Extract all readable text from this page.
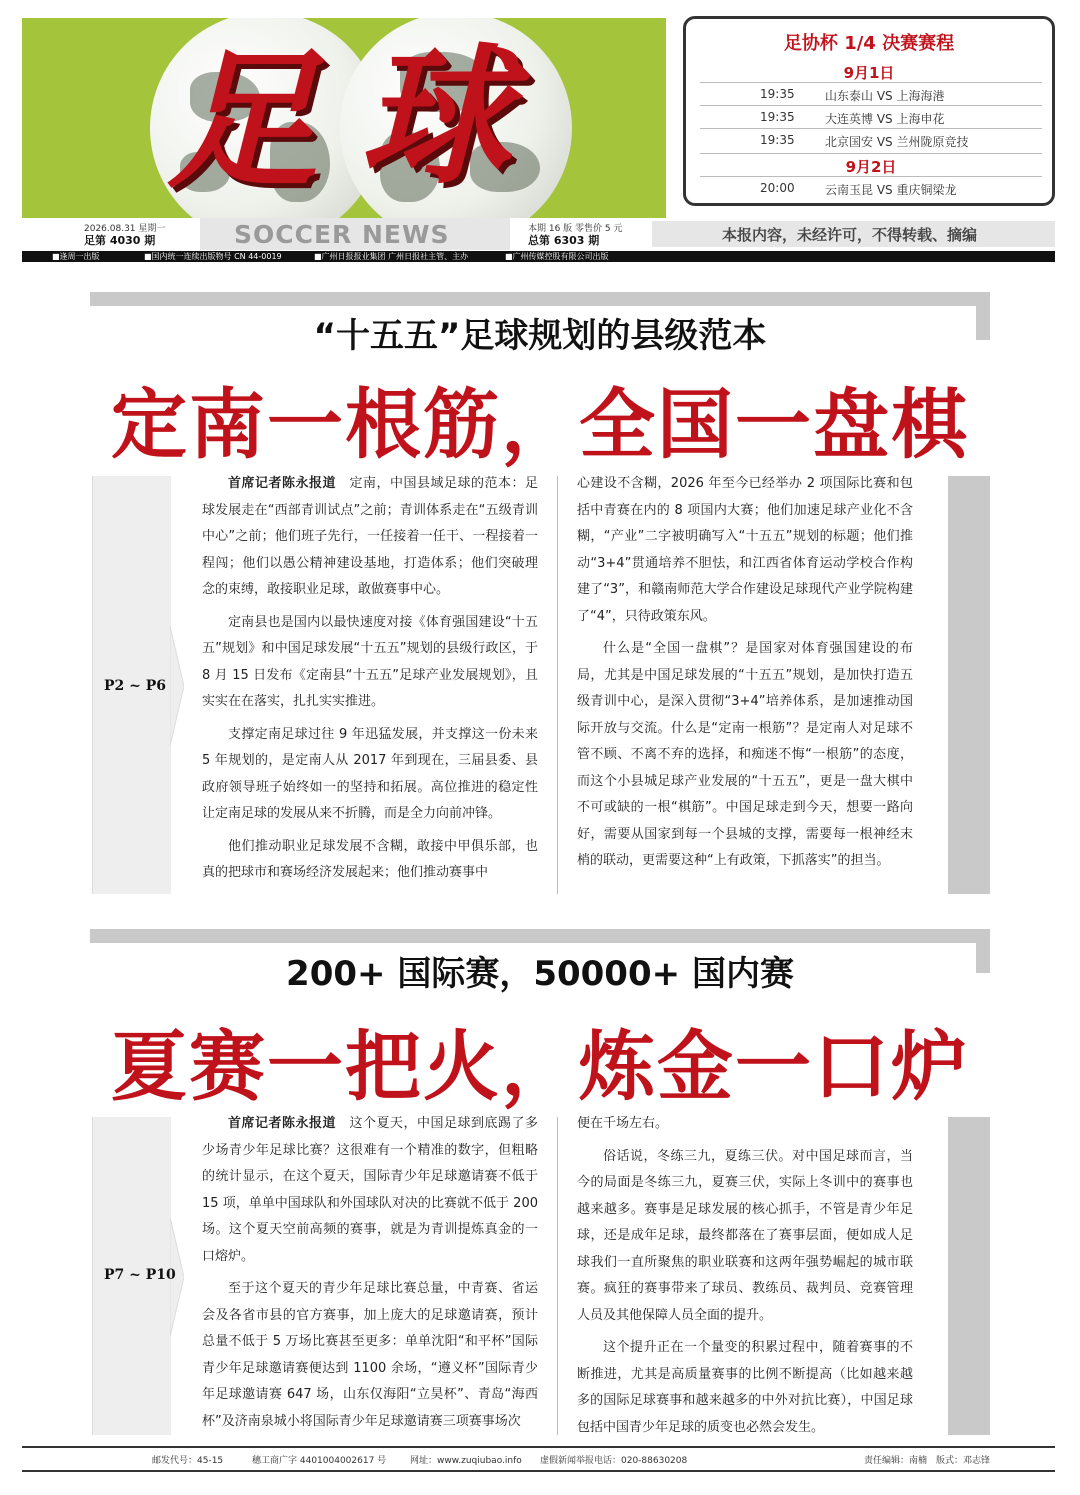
足 球	足协杯 1/4 决赛赛程
9月1日
19:35	山东泰山 VS 上海海港
19:35	大连英博 VS 上海申花
19:35	北京国安 VS 兰州陇原竞技
9月2日
20:00	云南玉昆 VS 重庆铜梁龙
2026.08.31 星期一
足第 4030 期	SOCCER NEWS	本期 16 版 零售价 5 元
总第 6303 期	本报内容，未经许可，不得转载、摘编
■逢周一出版	■国内统一连续出版物号 CN 44-0019	■广州日报报业集团 广州日报社主管、主办	■广州传媒控股有限公司出版
“十五五”足球规划的县级范本
定南一根筋，全国一盘棋
P2 ~ P6

首席记者陈永报道　 定南，中国县域足球的范本：足球发展走在“西部青训试点”之前；青训体系走在“五级青训中心”之前；他们班子先行，一任接着一任干、一程接着一程闯；他们以愚公精神建设基地，打造体系；他们突破理念的束缚，敢接职业足球，敢做赛事中心。

定南县也是国内以最快速度对接《体育强国建设“十五五”规划》和中国足球发展“十五五”规划的县级行政区，于 8 月 15 日发布《定南县“十五五”足球产业发展规划》，且实实在在落实，扎扎实实推进。

支撑定南足球过往 9 年迅猛发展，并支撑这一份未来 5 年规划的，是定南人从 2017 年到现在，三届县委、县政府领导班子始终如一的坚持和拓展。高位推进的稳定性让定南足球的发展从来不折腾，而是全力向前冲锋。

他们推动职业足球发展不含糊，敢接中甲俱乐部，也真的把球市和赛场经济发展起来；他们推动赛事中

心建设不含糊，2026 年至今已经举办 2 项国际比赛和包括中青赛在内的 8 项国内大赛；他们加速足球产业化不含糊，“产业”二字被明确写入“十五五”规划的标题；他们推动“3+4”贯通培养不胆怯，和江西省体育运动学校合作构建了“3”，和赣南师范大学合作建设足球现代产业学院构建了“4”，只待政策东风。

什么是“全国一盘棋”？是国家对体育强国建设的布局，尤其是中国足球发展的“十五五”规划，是加快打造五级青训中心，是深入贯彻“3+4”培养体系，是加速推动国际开放与交流。什么是“定南一根筋”？是定南人对足球不管不顾、不离不弃的选择，和痴迷不悔“一根筋”的态度，而这个小县城足球产业发展的“十五五”，更是一盘大棋中不可或缺的一根“棋筋”。中国足球走到今天，想要一路向好，需要从国家到每一个县城的支撑，需要每一根神经末梢的联动，更需要这种“上有政策，下抓落实”的担当。

200+ 国际赛，50000+ 国内赛
夏赛一把火，炼金一口炉
P7 ~ P10

首席记者陈永报道　 这个夏天，中国足球到底踢了多少场青少年足球比赛？这很难有一个精准的数字，但粗略的统计显示，在这个夏天，国际青少年足球邀请赛不低于 15 项，单单中国球队和外国球队对决的比赛就不低于 200 场。这个夏天空前高频的赛事，就是为青训提炼真金的一口熔炉。

至于这个夏天的青少年足球比赛总量，中青赛、省运会及各省市县的官方赛事，加上庞大的足球邀请赛，预计总量不低于 5 万场比赛甚至更多：单单沈阳“和平杯”国际青少年足球邀请赛便达到 1100 余场，“遵义杯”国际青少年足球邀请赛 647 场，山东仅海阳“立昊杯”、青岛“海西杯”及济南泉城小将国际青少年足球邀请赛三项赛事场次

便在千场左右。

俗话说，冬练三九，夏练三伏。对中国足球而言，当今的局面是冬练三九，夏赛三伏，实际上冬训中的赛事也越来越多。赛事是足球发展的核心抓手，不管是青少年足球，还是成年足球，最终都落在了赛事层面，便如成人足球我们一直所聚焦的职业联赛和这两年强势崛起的城市联赛。疯狂的赛事带来了球员、教练员、裁判员、竞赛管理人员及其他保障人员全面的提升。

这个提升正在一个量变的积累过程中，随着赛事的不断推进，尤其是高质量赛事的比例不断提高（比如越来越多的国际足球赛事和越来越多的中外对抗比赛），中国足球包括中国青少年足球的质变也必然会发生。

邮发代号：45-15	穗工商广字 4401004002617 号	网址：www.zuqiubao.info 虚假新闻举报电话：020-88630208	责任编辑：南楠　版式：邓志锋
